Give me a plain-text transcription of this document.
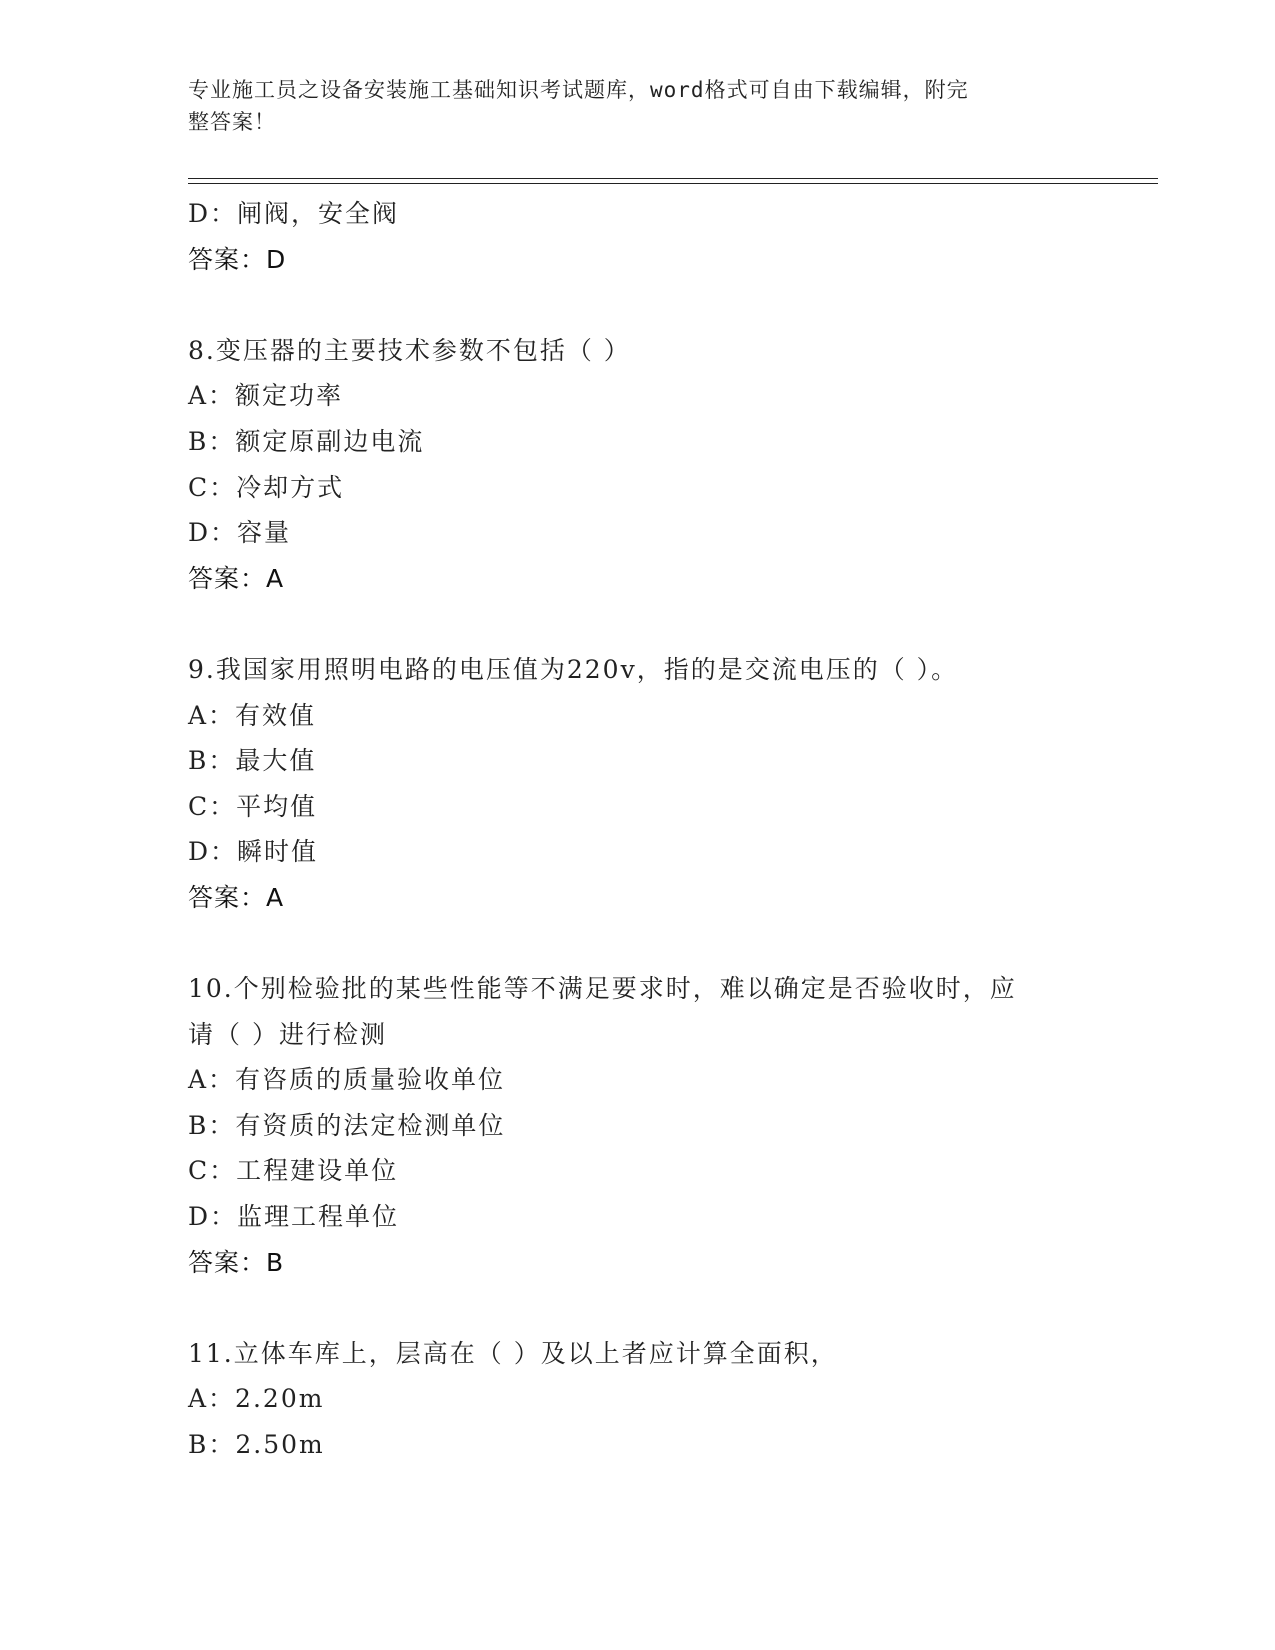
专业施工员之设备安装施工基础知识考试题库，word格式可自由下载编辑，附完
整答案！
D：闸阀，安全阀
答案：D
8.变压器的主要技术参数不包括（ ）
A：额定功率
B：额定原副边电流
C：冷却方式
D：容量
答案：A
9.我国家用照明电路的电压值为220v，指的是交流电压的（ ）。
A：有效值
B：最大值
C：平均值
D：瞬时值
答案：A
10.个别检验批的某些性能等不满足要求时，难以确定是否验收时，应
请（ ）进行检测
A：有咨质的质量验收单位
B：有资质的法定检测单位
C：工程建设单位
D：监理工程单位
答案：B
11.立体车库上，层高在（ ）及以上者应计算全面积，
A：2.20m
B：2.50m
